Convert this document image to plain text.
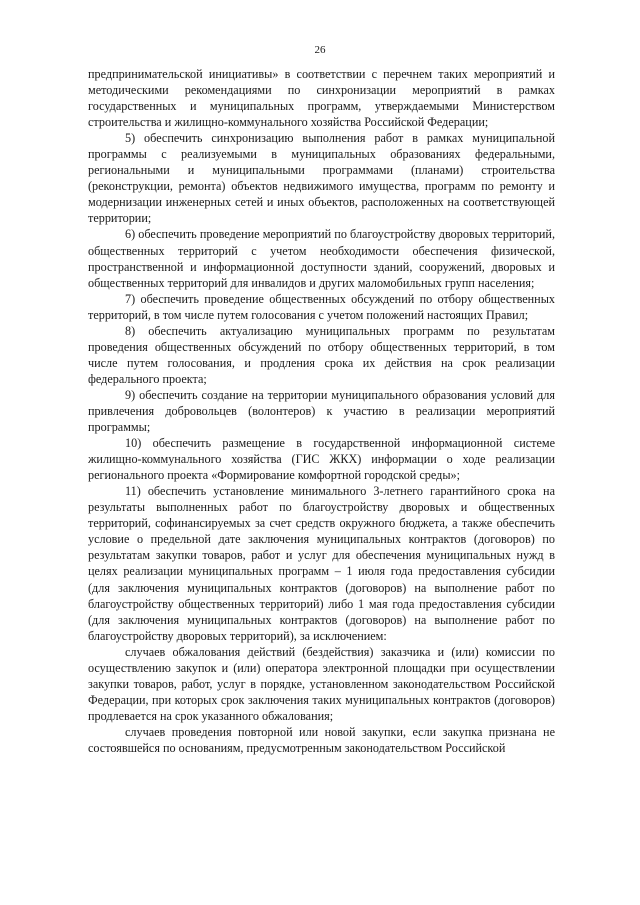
26

предпринимательской инициативы» в соответствии с перечнем таких мероприятий и методическими рекомендациями по синхронизации мероприятий в рамках государственных и муниципальных программ, утверждаемыми Министерством строительства и жилищно-коммунального хозяйства Российской Федерации;

5) обеспечить синхронизацию выполнения работ в рамках муниципальной программы с реализуемыми в муниципальных образованиях федеральными, региональными и муниципальными программами (планами) строительства (реконструкции, ремонта) объектов недвижимого имущества, программ по ремонту и модернизации инженерных сетей и иных объектов, расположенных на соответствующей территории;

6) обеспечить проведение мероприятий по благоустройству дворовых территорий, общественных территорий с учетом необходимости обеспечения физической, пространственной и информационной доступности зданий, сооружений, дворовых и общественных территорий для инвалидов и других маломобильных групп населения;

7) обеспечить проведение общественных обсуждений по отбору общественных территорий, в том числе путем голосования с учетом положений настоящих Правил;

8) обеспечить актуализацию муниципальных программ по результатам проведения общественных обсуждений по отбору общественных территорий, в том числе путем голосования, и продления срока их действия на срок реализации федерального проекта;

9) обеспечить создание на территории муниципального образования условий для привлечения добровольцев (волонтеров) к участию в реализации мероприятий программы;

10) обеспечить размещение в государственной информационной системе жилищно-коммунального хозяйства (ГИС ЖКХ) информации о ходе реализации регионального проекта «Формирование комфортной городской среды»;

11) обеспечить установление минимального 3-летнего гарантийного срока на результаты выполненных работ по благоустройству дворовых и общественных территорий, софинансируемых за счет средств окружного бюджета, а также обеспечить условие о предельной дате заключения муниципальных контрактов (договоров) по результатам закупки товаров, работ и услуг для обеспечения муниципальных нужд в целях реализации муниципальных программ – 1 июля года предоставления субсидии (для заключения муниципальных контрактов (договоров) на выполнение работ по благоустройству общественных территорий) либо 1 мая года предоставления субсидии (для заключения муниципальных контрактов (договоров) на выполнение работ по благоустройству дворовых территорий), за исключением:

случаев обжалования действий (бездействия) заказчика и (или) комиссии по осуществлению закупок и (или) оператора электронной площадки при осуществлении закупки товаров, работ, услуг в порядке, установленном законодательством Российской Федерации, при которых срок заключения таких муниципальных контрактов (договоров) продлевается на срок указанного обжалования;

случаев проведения повторной или новой закупки, если закупка признана не состоявшейся по основаниям, предусмотренным законодательством Российской
